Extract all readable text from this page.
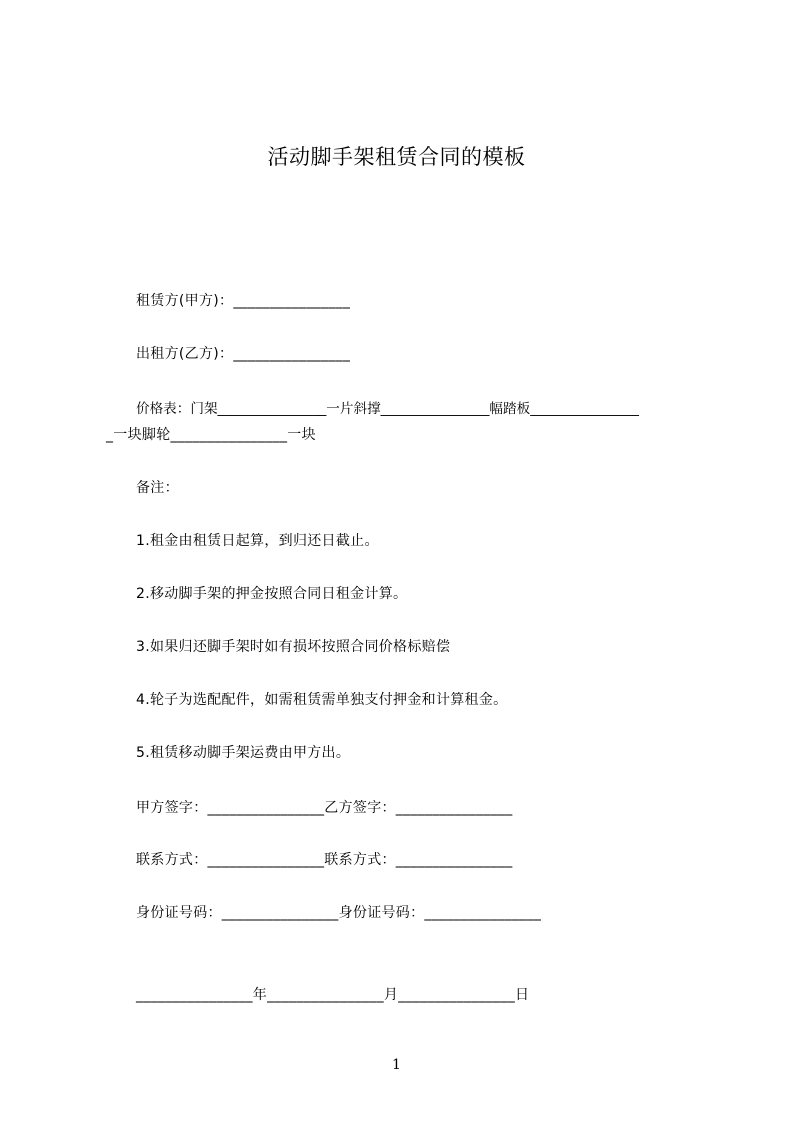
活动脚手架租赁合同的模板
租赁方(甲方)：________________
出租方(乙方)：________________
价格表：门架________________一片斜撑________________幅踏板________________
_一块脚轮________________一块
备注：
1.租金由租赁日起算，到归还日截止。
2.移动脚手架的押金按照合同日租金计算。
3.如果归还脚手架时如有损坏按照合同价格标赔偿
4.轮子为选配配件，如需租赁需单独支付押金和计算租金。
5.租赁移动脚手架运费由甲方出。
甲方签字：________________乙方签字：________________
联系方式：________________联系方式：________________
身份证号码：________________身份证号码：________________
________________年________________月________________日
1
